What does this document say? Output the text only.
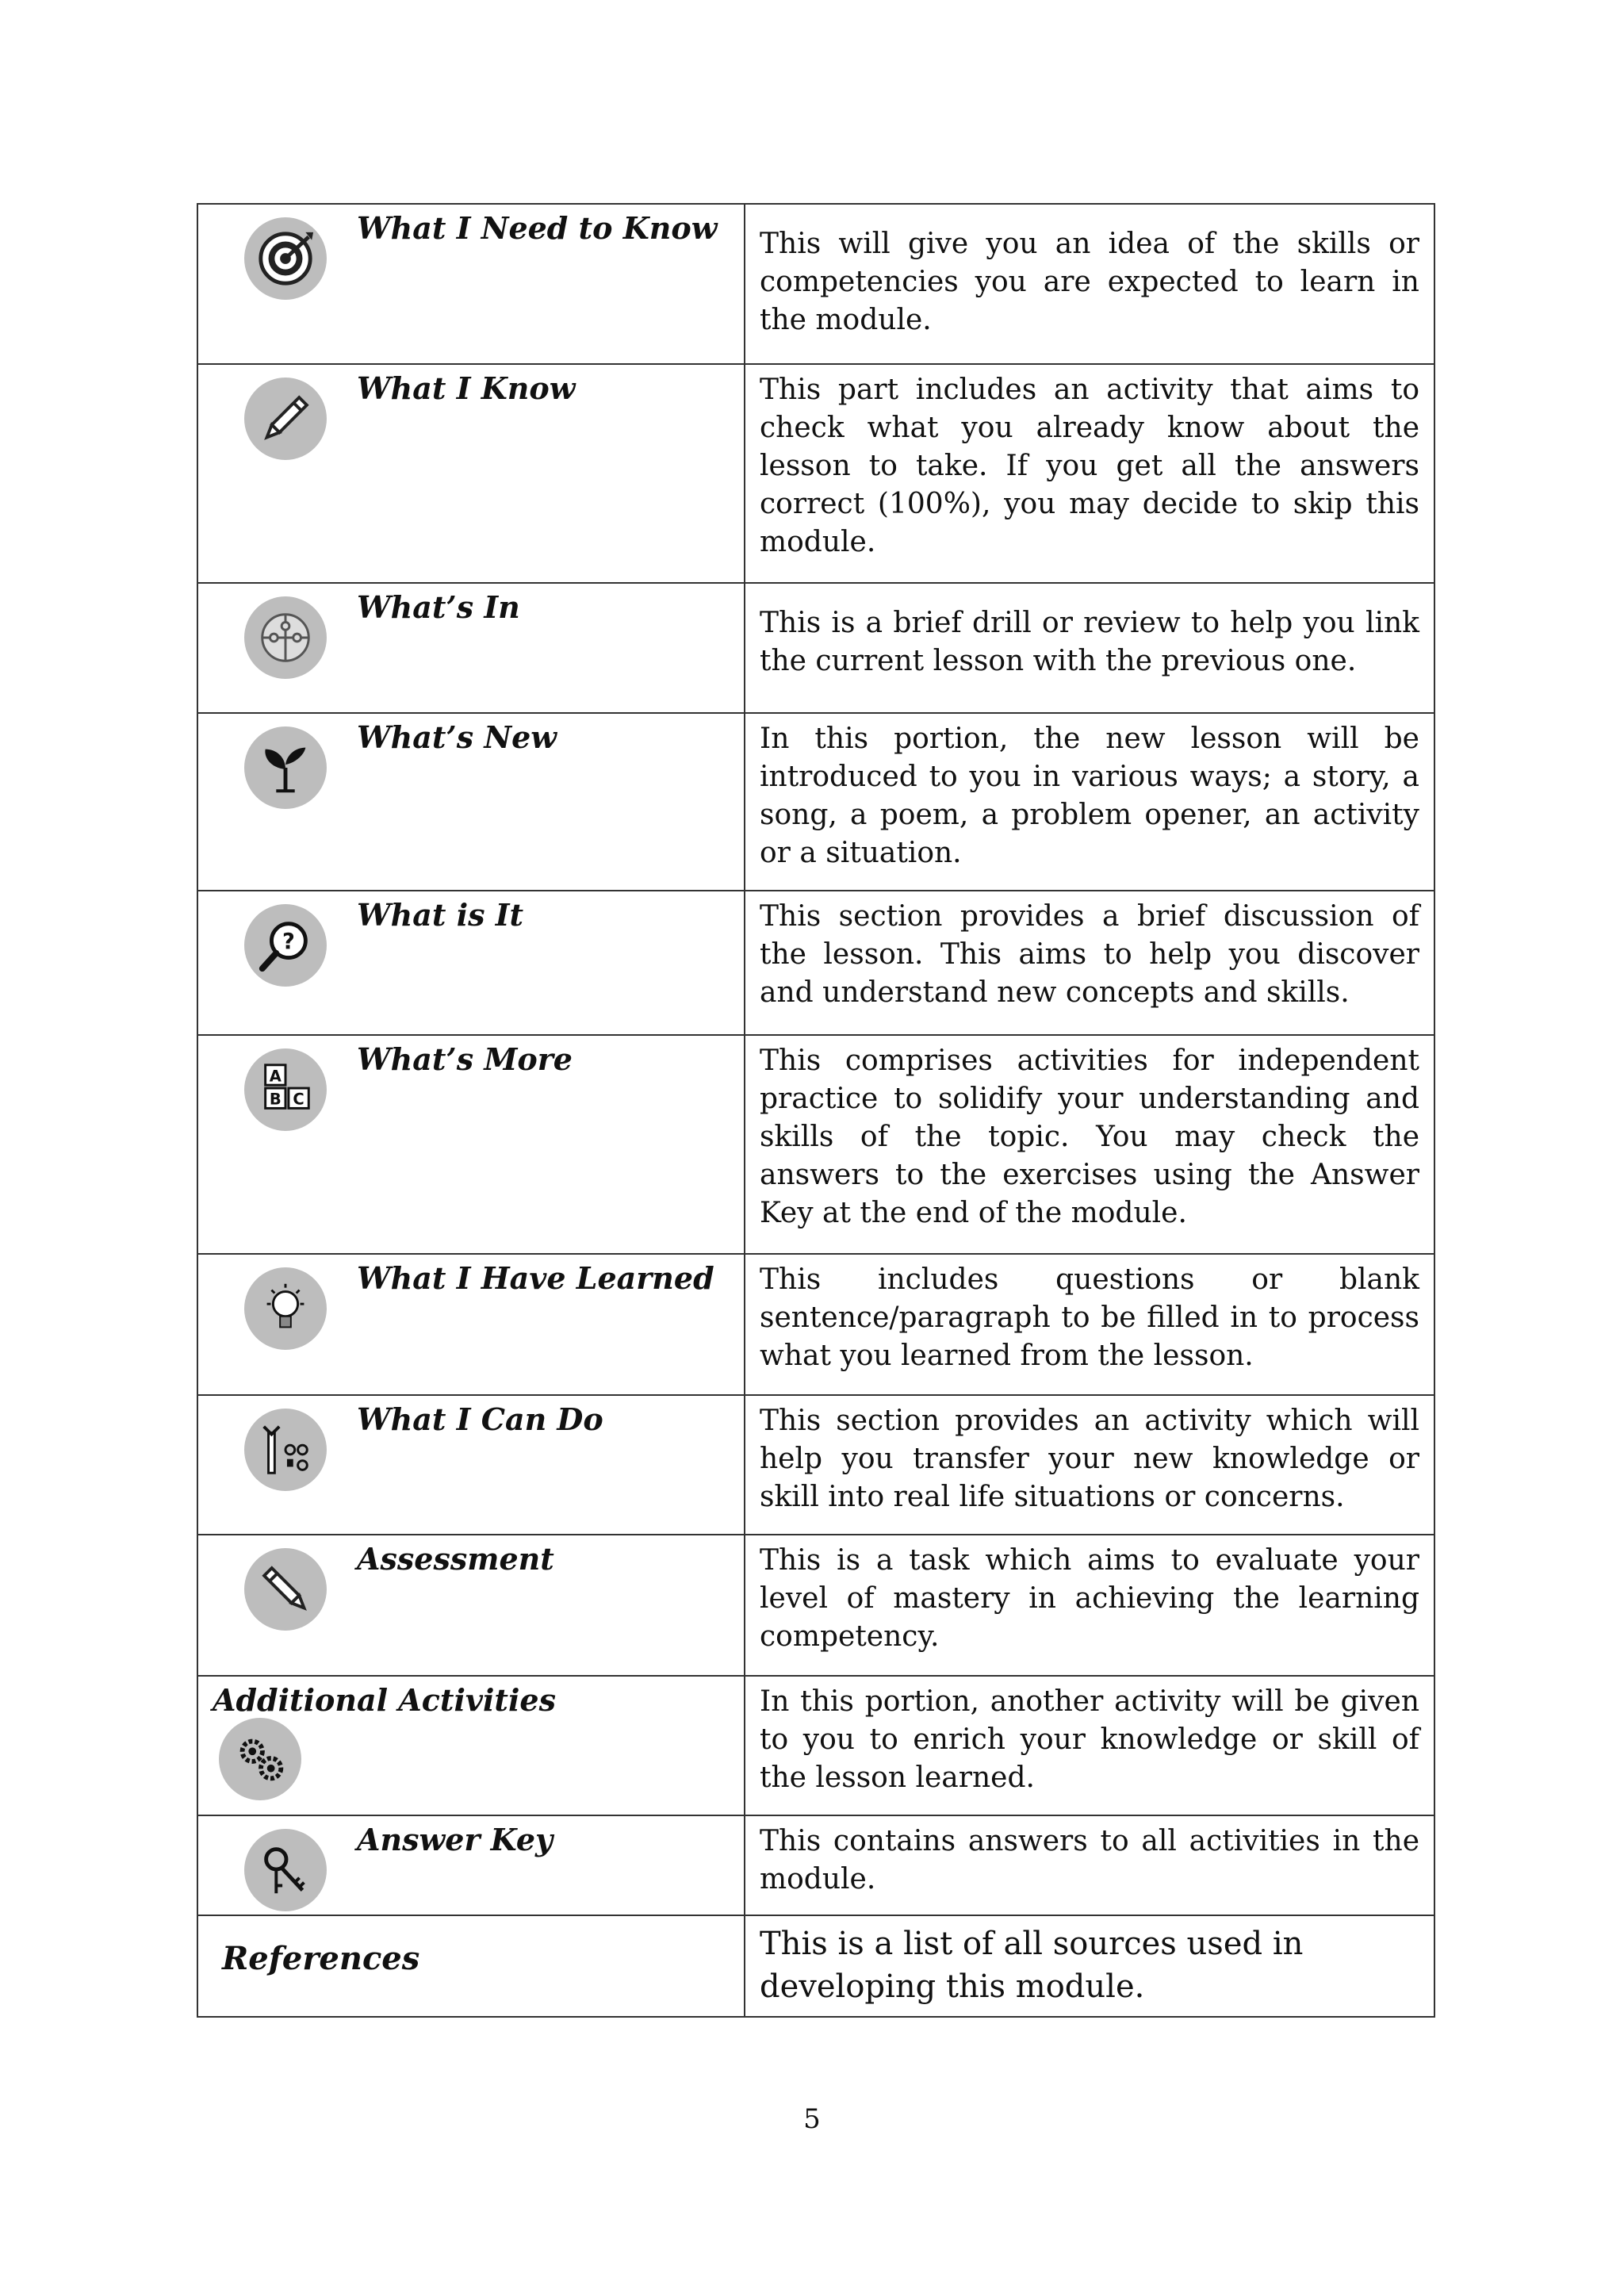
What I Need to Know	This will give you an idea of the skills or competencies you are expected to learn in the module.

What I Know	This part includes an activity that aims to check what you already know about the lesson to take. If you get all the answers correct (100%), you may decide to skip this module.

What’s In	This is a brief drill or review to help you link the current lesson with the previous one.

What’s New	In this portion, the new lesson will be introduced to you in various ways; a story, a song, a poem, a problem opener, an activity or a situation.

?
What is It	This section provides a brief discussion of the lesson. This aims to help you discover and understand new concepts and skills.

A
B C
What’s More	This comprises activities for independent practice to solidify your understanding and skills of the topic. You may check the answers to the exercises using the Answer Key at the end of the module.

What I Have Learned	This includes questions or blank sentence/paragraph to be filled in to process what you learned from the lesson.

What I Can Do	This section provides an activity which will help you transfer your new knowledge or skill into real life situations or concerns.

Assessment	This is a task which aims to evaluate your level of mastery in achieving the learning competency.

Additional Activities	In this portion, another activity will be given to you to enrich your knowledge or skill of the lesson learned.

Answer Key	This contains answers to all activities in the module.

References	This is a list of all sources used in developing this module.
5
